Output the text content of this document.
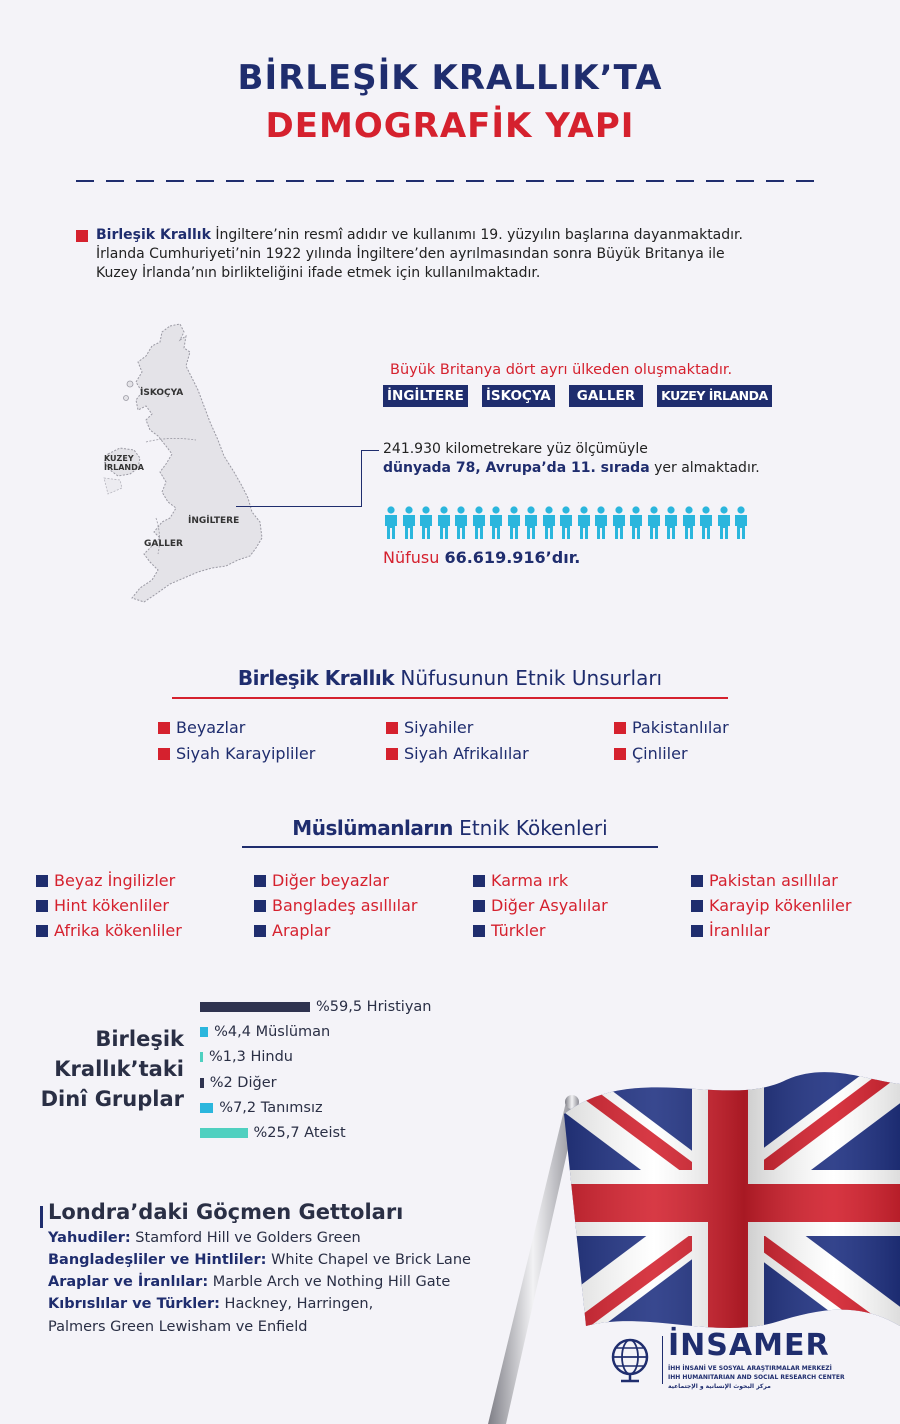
BİRLEŞİK KRALLIK’TA
DEMOGRAFİK YAPI
Birleşik Krallık İngiltere’nin resmî adıdır ve kullanımı 19. yüzyılın başlarına dayanmaktadır.
İrlanda Cumhuriyeti’nin 1922 yılında İngiltere’den ayrılmasından sonra Büyük Britanya ile
Kuzey İrlanda’nın birlikteliğini ifade etmek için kullanılmaktadır.
İSKOÇYA
KUZEY
İRLANDA
İNGİLTERE
GALLER
Büyük Britanya dört ayrı ülkeden oluşmaktadır.
İNGİLTERE İSKOÇYA	GALLER	KUZEY İRLANDA
241.930 kilometrekare yüz ölçümüyle
dünyada 78, Avrupa’da 11. sırada yer almaktadır.
Nüfusu 66.619.916’dır.
Birleşik Krallık Nüfusunun Etnik Unsurları
Beyazlar	Siyahiler	Pakistanlılar
Siyah Karayipliler	Siyah Afrikalılar	Çinliler
Müslümanların Etnik Kökenleri
Beyaz İngilizler	Diğer beyazlar	Karma ırk	Pakistan asıllılar
Hint kökenliler	Bangladeş asıllılar	Diğer Asyalılar	Karayip kökenliler
Afrika kökenliler	Araplar	Türkler	İranlılar
Birleşik
Krallık’taki
Dinî Gruplar
%59,5 Hristiyan
%4,4 Müslüman
%1,3 Hindu
%2 Diğer
%7,2 Tanımsız
%25,7 Ateist
Londra’daki Göçmen Gettoları
Yahudiler: Stamford Hill ve Golders Green
Bangladeşliler ve Hintliler: White Chapel ve Brick Lane
Araplar ve İranlılar: Marble Arch ve Nothing Hill Gate
Kıbrıslılar ve Türkler: Hackney, Harringen,
Palmers Green Lewisham ve Enfield
İNSAMER
İHH İNSANİ VE SOSYAL ARAŞTIRMALAR MERKEZİ
IHH HUMANITARIAN AND SOCIAL RESEARCH CENTER
مركز البحوث الإنسانية و الإجتماعية
